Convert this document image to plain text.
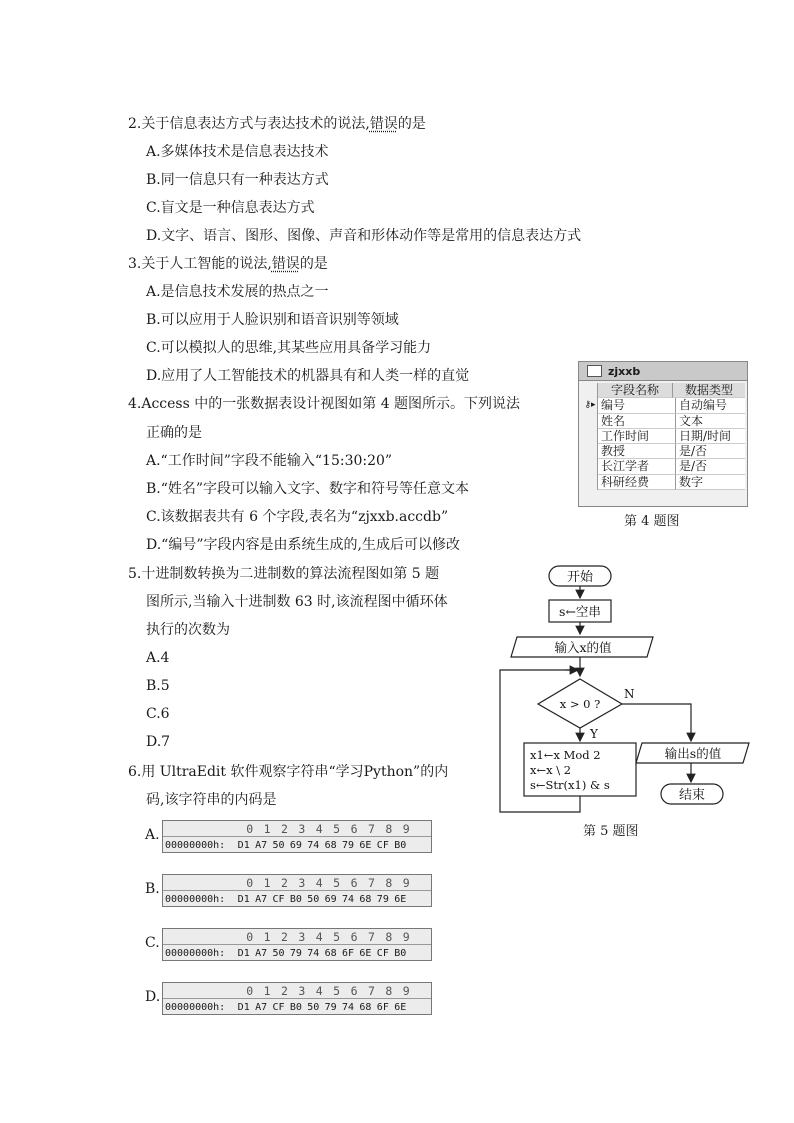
2.关于信息表达方式与表达技术的说法,错误的是
A.多媒体技术是信息表达技术
B.同一信息只有一种表达方式
C.盲文是一种信息表达方式
D.文字、语言、图形、图像、声音和形体动作等是常用的信息表达方式
3.关于人工智能的说法,错误的是
A.是信息技术发展的热点之一
B.可以应用于人脸识别和语音识别等领域
C.可以模拟人的思维,其某些应用具备学习能力
D.应用了人工智能技术的机器具有和人类一样的直觉
4.Access 中的一张数据表设计视图如第 4 题图所示。下列说法
正确的是
A.“工作时间”字段不能输入“15:30:20”
B.“姓名”字段可以输入文字、数字和符号等任意文本
C.该数据表共有 6 个字段,表名为“zjxxb.accdb”
D.“编号”字段内容是由系统生成的,生成后可以修改
zjxxb
字段名称	数据类型
⚷▸ 编号	自动编号
姓名	文本
工作时间	日期/时间
教授	是/否
长江学者	是/否
科研经费	数字
第 4 题图
5.十进制数转换为二进制数的算法流程图如第 5 题
图所示,当输入十进制数 63 时,该流程图中循环体
执行的次数为
A.4
B.5
C.6
D.7
开始
s←空串
输入x的值
x > 0 ?
N
Y
x1←x Mod 2
x←x \ 2
s←Str(x1) & s
输出s的值
结束
第 5 题图
6.用 UltraEdit 软件观察字符串“学习Python”的内
码,该字符串的内码是
A.	0 1 2 3 4 5 6 7 8 9
00000000h:	D1 A7 50 69 74 68 79 6E CF B0
B.	0 1 2 3 4 5 6 7 8 9
00000000h:	D1 A7 CF B0 50 69 74 68 79 6E
C.	0 1 2 3 4 5 6 7 8 9
00000000h:	D1 A7 50 79 74 68 6F 6E CF B0
D.	0 1 2 3 4 5 6 7 8 9
00000000h:	D1 A7 CF B0 50 79 74 68 6F 6E
